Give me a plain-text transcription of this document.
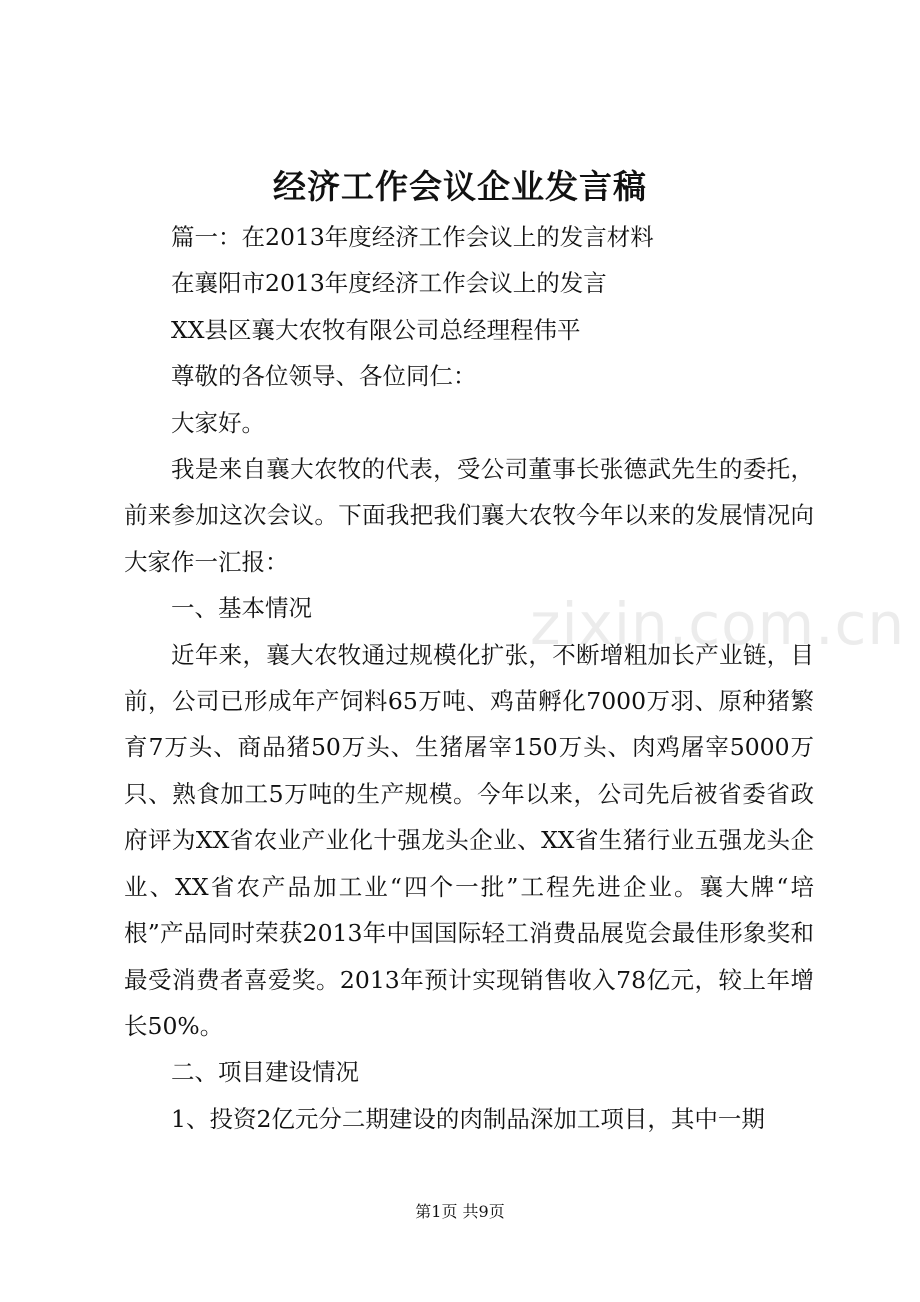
经济工作会议企业发言稿

篇一：在2013年度经济工作会议上的发言材料

在襄阳市2013年度经济工作会议上的发言

XX县区襄大农牧有限公司总经理程伟平

尊敬的各位领导、各位同仁：

大家好。

我是来自襄大农牧的代表，受公司董事长张德武先生的委托，前来参加这次会议。下面我把我们襄大农牧今年以来的发展情况向大家作一汇报：

一、基本情况

近年来，襄大农牧通过规模化扩张，不断增粗加长产业链，目前，公司已形成年产饲料65万吨、鸡苗孵化7000万羽、原种猪繁育7万头、商品猪50万头、生猪屠宰150万头、肉鸡屠宰5000万只、熟食加工5万吨的生产规模。今年以来，公司先后被省委省政府评为XX省农业产业化十强龙头企业、XX省生猪行业五强龙头企业、XX省农产品加工业“四个一批”工程先进企业。襄大牌“培根”产品同时荣获2013年中国国际轻工消费品展览会最佳形象奖和最受消费者喜爱奖。2013年预计实现销售收入78亿元，较上年增长50%。

二、项目建设情况

1、投资2亿元分二期建设的肉制品深加工项目，其中一期

zixin.com.cn
第1页 共9页
